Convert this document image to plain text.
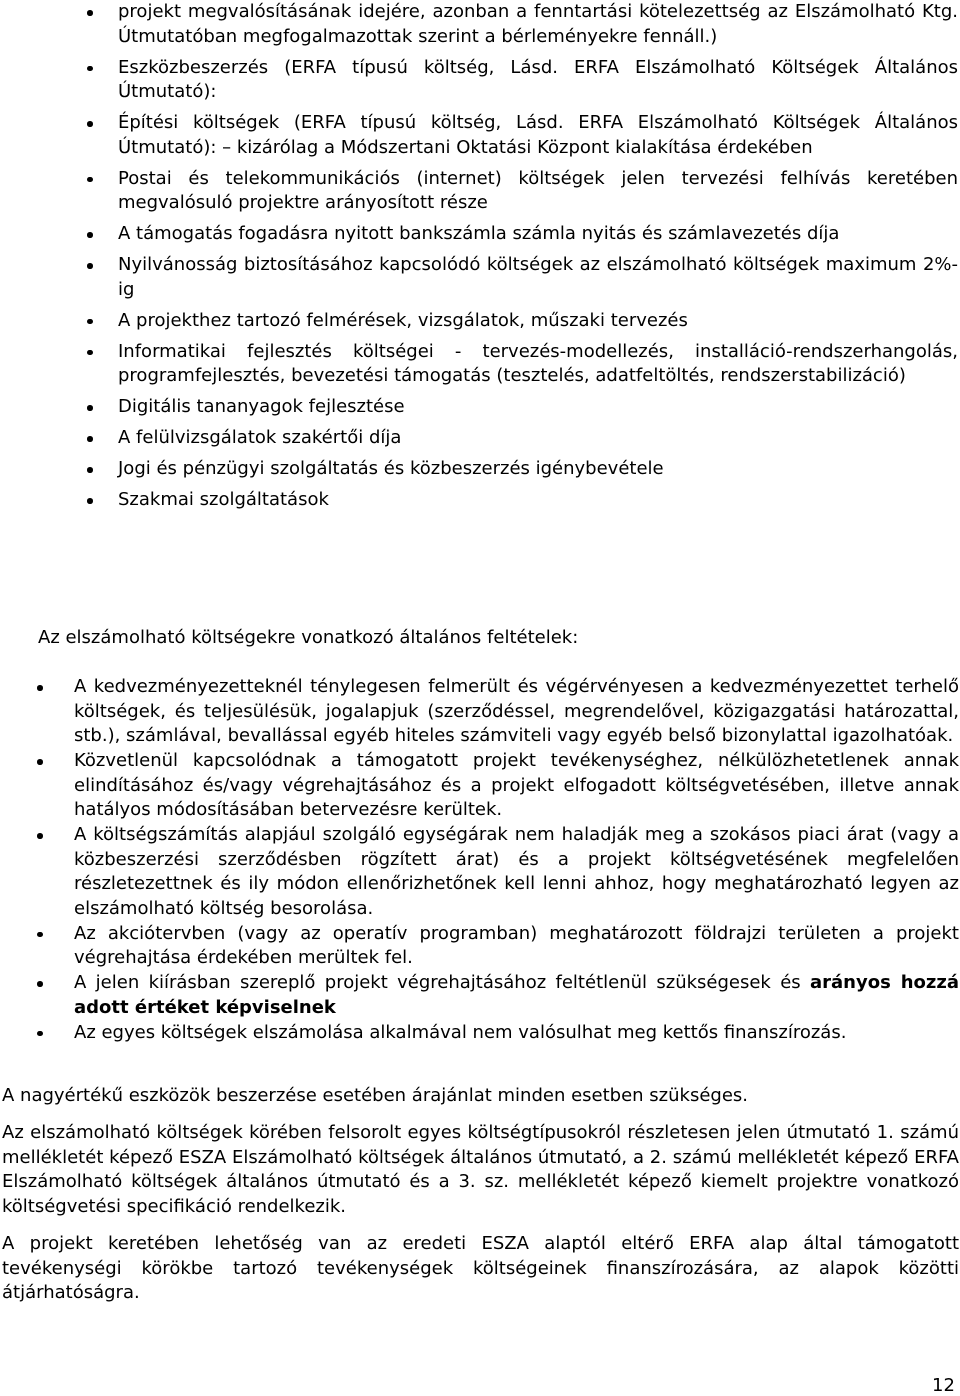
projekt megvalósításának idejére, azonban a fenntartási kötelezettség az Elszámolható Ktg. Útmutatóban megfogalmazottak szerint a bérleményekre fennáll.)
Eszközbeszerzés (ERFA típusú költség, Lásd. ERFA Elszámolható Költségek Általános Útmutató):
Építési költségek (ERFA típusú költség, Lásd. ERFA Elszámolható Költségek Általános Útmutató): – kizárólag a Módszertani Oktatási Központ kialakítása érdekében
Postai és telekommunikációs (internet) költségek jelen tervezési felhívás keretében megvalósuló projektre arányosított része
A támogatás fogadásra nyitott bankszámla számla nyitás és számlavezetés díja
Nyilvánosság biztosításához kapcsolódó költségek az elszámolható költségek maximum 2%-ig
A projekthez tartozó felmérések, vizsgálatok, műszaki tervezés
Informatikai fejlesztés költségei - tervezés-modellezés, installáció-rendszerhangolás, programfejlesztés, bevezetési támogatás (tesztelés, adatfeltöltés, rendszerstabilizáció)
Digitális tananyagok fejlesztése
A felülvizsgálatok szakértői díja
Jogi és pénzügyi szolgáltatás és közbeszerzés igénybevétele
Szakmai szolgáltatások

Az elszámolható költségekre vonatkozó általános feltételek:

A kedvezményezetteknél ténylegesen felmerült és végérvényesen a kedvezményezettet terhelő költségek, és teljesülésük, jogalapjuk (szerződéssel, megrendelővel, közigazgatási határozattal, stb.), számlával, bevallással egyéb hiteles számviteli vagy egyéb belső bizonylattal igazolhatóak.
Közvetlenül kapcsolódnak a támogatott projekt tevékenységhez, nélkülözhetetlenek annak elindításához és/vagy végrehajtásához és a projekt elfogadott költségvetésében, illetve annak hatályos módosításában betervezésre kerültek.
A költségszámítás alapjául szolgáló egységárak nem haladják meg a szokásos piaci árat (vagy a közbeszerzési szerződésben rögzített árat) és a projekt költségvetésének megfelelően részletezettnek és ily módon ellenőrizhetőnek kell lenni ahhoz, hogy meghatározható legyen az elszámolható költség besorolása.
Az akciótervben (vagy az operatív programban) meghatározott földrajzi területen a projekt végrehajtása érdekében merültek fel.
A jelen kiírásban szereplő projekt végrehajtásához feltétlenül szükségesek és arányos hozzá adott értéket képviselnek
Az egyes költségek elszámolása alkalmával nem valósulhat meg kettős finanszírozás.

A nagyértékű eszközök beszerzése esetében árajánlat minden esetben szükséges.

Az elszámolható költségek körében felsorolt egyes költségtípusokról részletesen jelen útmutató 1. számú mellékletét képező ESZA Elszámolható költségek általános útmutató, a 2. számú mellékletét képező ERFA Elszámolható költségek általános útmutató és a 3. sz. mellékletét képező kiemelt projektre vonatkozó költségvetési specifikáció rendelkezik.

A projekt keretében lehetőség van az eredeti ESZA alaptól eltérő ERFA alap által támogatott tevékenységi körökbe tartozó tevékenységek költségeinek finanszírozására, az alapok közötti átjárhatóságra.

12
